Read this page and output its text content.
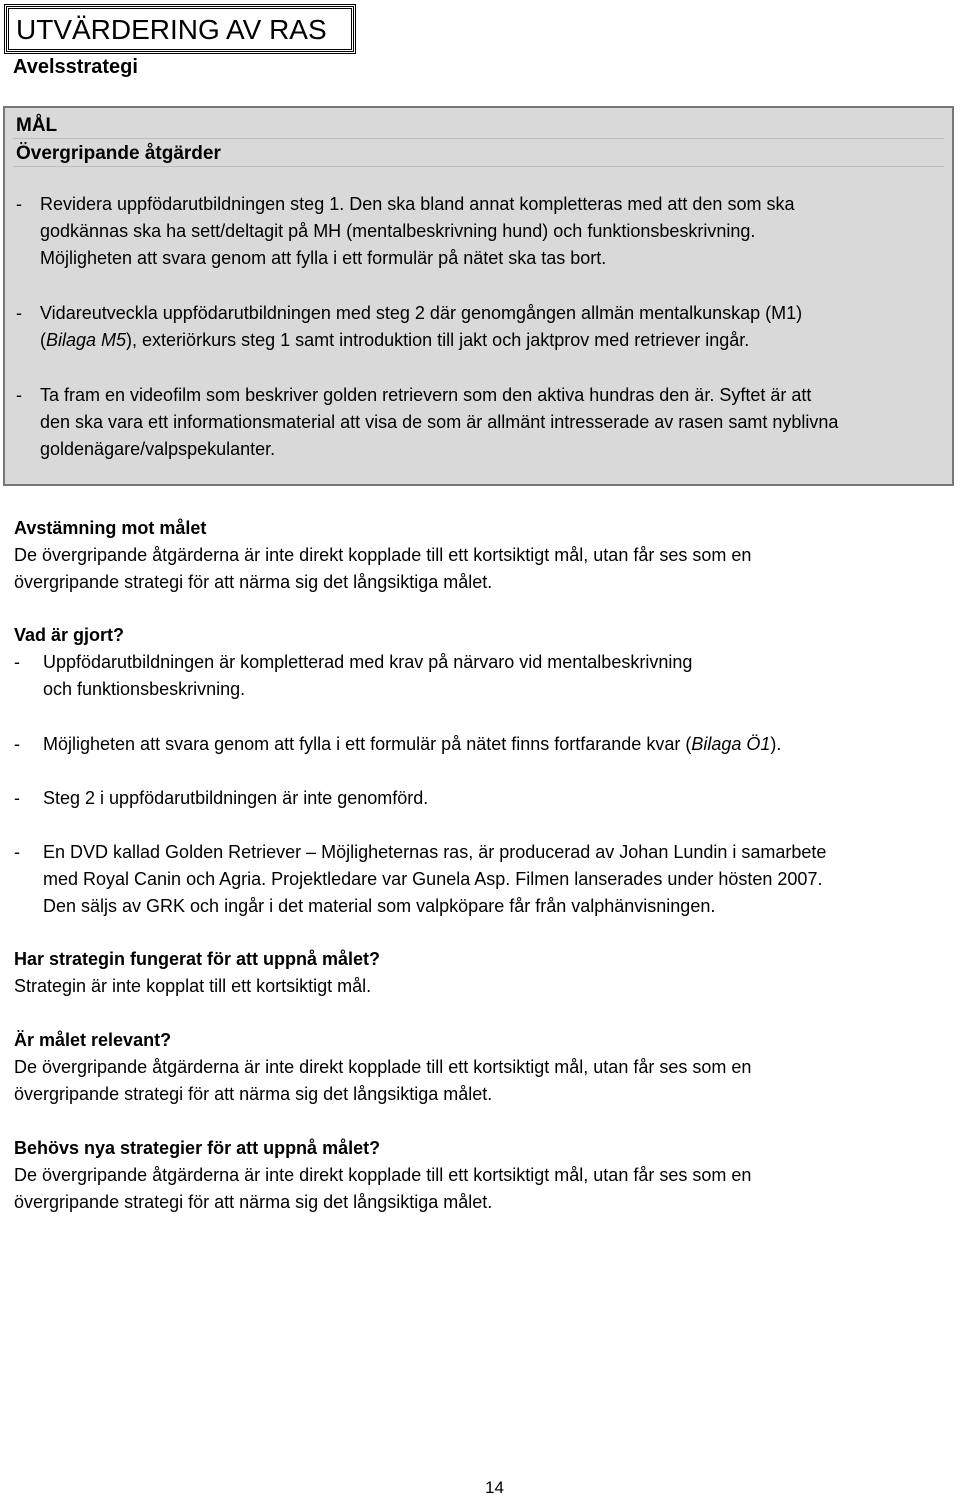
UTVÄRDERING AV RAS
Avelsstrategi
MÅL
Övergripande åtgärder
- Revidera uppfödarutbildningen steg 1. Den ska bland annat kompletteras med att den som ska
godkännas ska ha sett/deltagit på MH (mentalbeskrivning hund) och funktionsbeskrivning.
Möjligheten att svara genom att fylla i ett formulär på nätet ska tas bort.
- Vidareutveckla uppfödarutbildningen med steg 2 där genomgången allmän mentalkunskap (M1)
(Bilaga M5), exteriörkurs steg 1 samt introduktion till jakt och jaktprov med retriever ingår.
- Ta fram en videofilm som beskriver golden retrievern som den aktiva hundras den är. Syftet är att
den ska vara ett informationsmaterial att visa de som är allmänt intresserade av rasen samt nyblivna
goldenägare/valpspekulanter.
Avstämning mot målet
De övergripande åtgärderna är inte direkt kopplade till ett kortsiktigt mål, utan får ses som en
övergripande strategi för att närma sig det långsiktiga målet.
Vad är gjort?
- Uppfödarutbildningen är kompletterad med krav på närvaro vid mentalbeskrivning
och funktionsbeskrivning.
- Möjligheten att svara genom att fylla i ett formulär på nätet finns fortfarande kvar (Bilaga Ö1).
- Steg 2 i uppfödarutbildningen är inte genomförd.
- En DVD kallad Golden Retriever – Möjligheternas ras, är producerad av Johan Lundin i samarbete
med Royal Canin och Agria. Projektledare var Gunela Asp. Filmen lanserades under hösten 2007.
Den säljs av GRK och ingår i det material som valpköpare får från valphänvisningen.
Har strategin fungerat för att uppnå målet?
Strategin är inte kopplat till ett kortsiktigt mål.
Är målet relevant?
De övergripande åtgärderna är inte direkt kopplade till ett kortsiktigt mål, utan får ses som en
övergripande strategi för att närma sig det långsiktiga målet.
Behövs nya strategier för att uppnå målet?
De övergripande åtgärderna är inte direkt kopplade till ett kortsiktigt mål, utan får ses som en
övergripande strategi för att närma sig det långsiktiga målet.
14
